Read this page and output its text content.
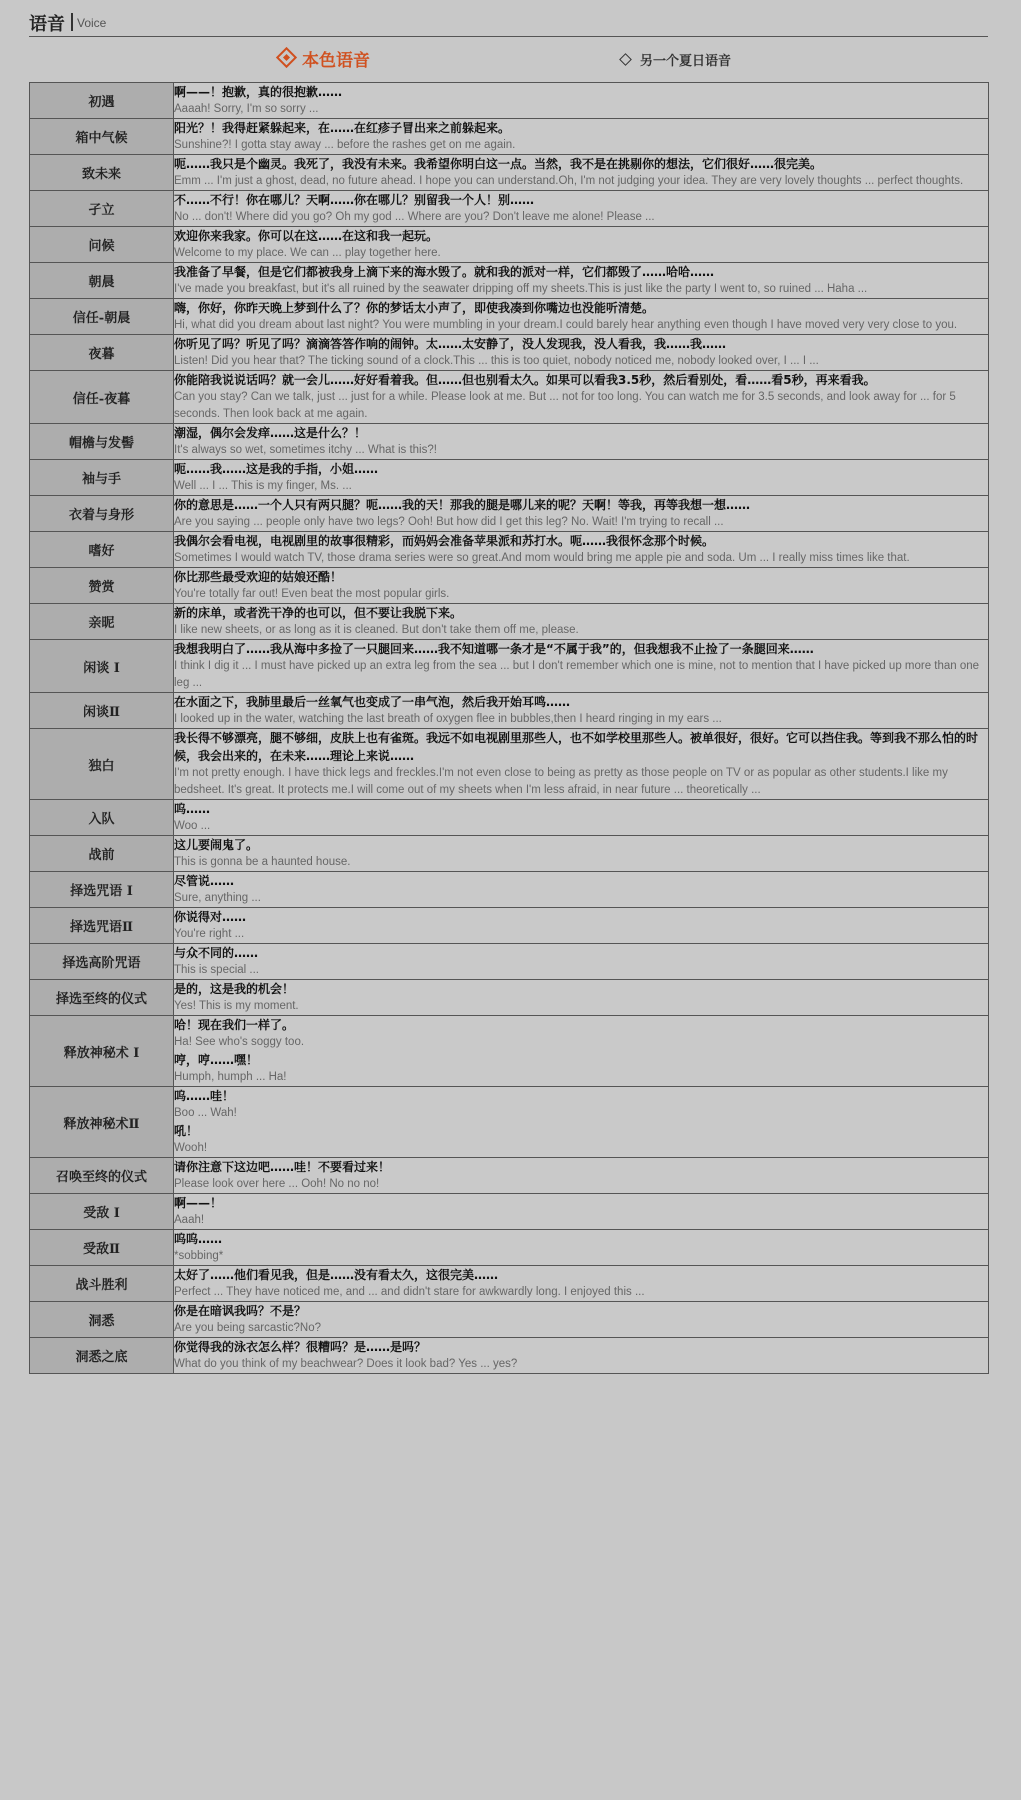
语音 Voice
本色语音	另一个夏日语音
初遇	啊——！抱歉，真的很抱歉……
Aaaah! Sorry, I'm so sorry ...

箱中气候	阳光？！我得赶紧躲起来，在……在红疹子冒出来之前躲起来。
Sunshine?! I gotta stay away ... before the rashes get on me again.

致未来	呃……我只是个幽灵。我死了，我没有未来。我希望你明白这一点。当然，我不是在挑剔你的想法，它们很好……很完美。
Emm ... I'm just a ghost, dead, no future ahead. I hope you can understand.Oh, I'm not judging your idea. They are very lovely thoughts ... perfect thoughts.

孑立	不……不行！你在哪儿？天啊……你在哪儿？别留我一个人！别……
No ... don't! Where did you go? Oh my god ... Where are you? Don't leave me alone! Please ...

问候	欢迎你来我家。你可以在这……在这和我一起玩。
Welcome to my place. We can ... play together here.

朝晨	我准备了早餐，但是它们都被我身上滴下来的海水毁了。就和我的派对一样，它们都毁了……哈哈……
I've made you breakfast, but it's all ruined by the seawater dripping off my sheets.This is just like the party I went to, so ruined ... Haha ...

信任-朝晨	嗨，你好，你昨天晚上梦到什么了？你的梦话太小声了，即使我凑到你嘴边也没能听清楚。
Hi, what did you dream about last night? You were mumbling in your dream.I could barely hear anything even though I have moved very very close to you.

夜暮	你听见了吗？听见了吗？滴滴答答作响的闹钟。太……太安静了，没人发现我，没人看我，我……我……
Listen! Did you hear that? The ticking sound of a clock.This ... this is too quiet, nobody noticed me, nobody looked over, I ... I ...

信任-夜暮	你能陪我说说话吗？就一会儿……好好看着我。但……但也别看太久。如果可以看我3.5秒，然后看别处，看……看5秒，再来看我。
Can you stay? Can we talk, just ... just for a while. Please look at me. But ... not for too long. You can watch me for 3.5 seconds, and look away for ... for 5 seconds. Then look back at me again.

帽檐与发髻	潮湿，偶尔会发痒……这是什么？！
It's always so wet, sometimes itchy ... What is this?!

袖与手	呃……我……这是我的手指，小姐……
Well ... I ... This is my finger, Ms. ...

衣着与身形	你的意思是……一个人只有两只腿？呃……我的天！那我的腿是哪儿来的呢？天啊！等我，再等我想一想……
Are you saying ... people only have two legs? Ooh! But how did I get this leg? No. Wait! I'm trying to recall ...

嗜好	我偶尔会看电视，电视剧里的故事很精彩，而妈妈会准备苹果派和苏打水。呃……我很怀念那个时候。
Sometimes I would watch TV, those drama series were so great.And mom would bring me apple pie and soda. Um ... I really miss times like that.

赞赏	你比那些最受欢迎的姑娘还酷！
You're totally far out! Even beat the most popular girls.

亲昵	新的床单，或者洗干净的也可以，但不要让我脱下来。
I like new sheets, or as long as it is cleaned. But don't take them off me, please.

闲谈 I	我想我明白了……我从海中多捡了一只腿回来……我不知道哪一条才是“不属于我”的，但我想我不止捡了一条腿回来……
I think I dig it ... I must have picked up an extra leg from the sea ... but I don't remember which one is mine, not to mention that I have picked up more than one leg ...

闲谈Ⅱ	在水面之下，我肺里最后一丝氧气也变成了一串气泡，然后我开始耳鸣……
I looked up in the water, watching the last breath of oxygen flee in bubbles,then I heard ringing in my ears ...

独白	我长得不够漂亮，腿不够细，皮肤上也有雀斑。我远不如电视剧里那些人，也不如学校里那些人。被单很好，很好。它可以挡住我。等到我不那么怕的时候，我会出来的，在未来……理论上来说……
I'm not pretty enough. I have thick legs and freckles.I'm not even close to being as pretty as those people on TV or as popular as other students.I like my bedsheet. It's great. It protects me.I will come out of my sheets when I'm less afraid, in near future ... theoretically ...

入队	呜……
Woo ...

战前	这儿要闹鬼了。
This is gonna be a haunted house.

择选咒语 I	尽管说……
Sure, anything ...

择选咒语Ⅱ	你说得对……
You're right ...

择选高阶咒语	与众不同的……
This is special ...

择选至终的仪式	是的，这是我的机会！
Yes! This is my moment.

释放神秘术 I	哈！现在我们一样了。
Ha! See who's soggy too.
哼，哼……嘿！
Humph, humph ... Ha!

释放神秘术Ⅱ	呜……哇！
Boo ... Wah!
吼！
Wooh!

召唤至终的仪式	请你注意下这边吧……哇！不要看过来！
Please look over here ... Ooh! No no no!

受敌 I	啊——！
Aaah!

受敌Ⅱ	呜呜……
*sobbing*

战斗胜利	太好了……他们看见我，但是……没有看太久，这很完美……
Perfect ... They have noticed me, and ... and didn't stare for awkwardly long. I enjoyed this ...

洞悉	你是在暗讽我吗？不是？
Are you being sarcastic?No?

洞悉之底	你觉得我的泳衣怎么样？很糟吗？是……是吗？
What do you think of my beachwear? Does it look bad? Yes ... yes?
